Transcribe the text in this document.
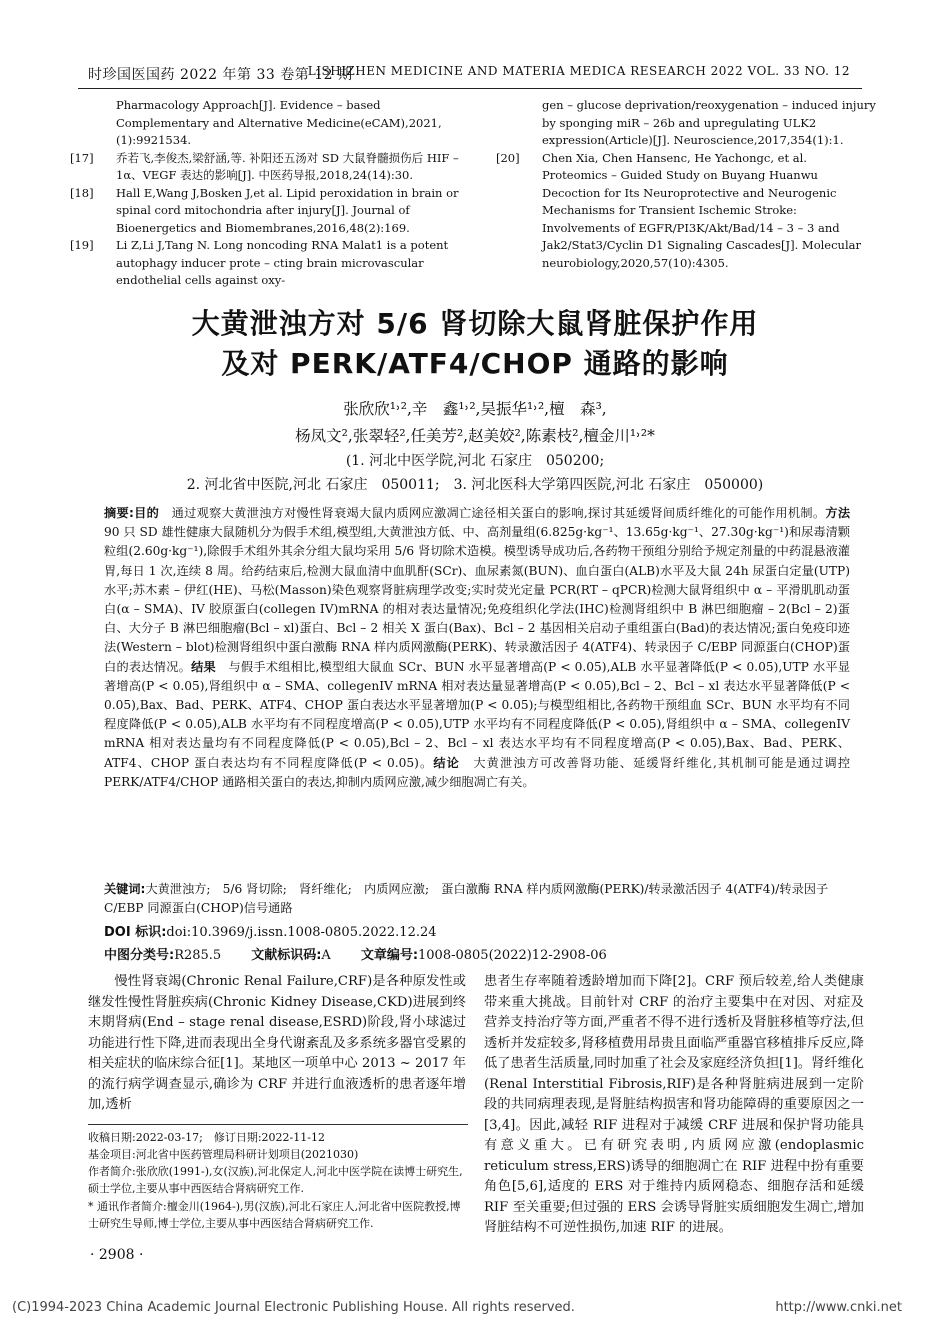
时珍国医国药 2022 年第 33 卷第 12 期
LISHIZHEN MEDICINE AND MATERIA MEDICA RESEARCH 2022 VOL. 33 NO. 12
Pharmacology Approach[J]. Evidence – based Complementary and Alternative Medicine(eCAM),2021,(1):9921534.
[17]	乔若飞,李俊杰,梁舒涵,等. 补阳还五汤对 SD 大鼠脊髓损伤后 HIF – 1α、VEGF 表达的影响[J]. 中医药导报,2018,24(14):30.
[18]	Hall E,Wang J,Bosken J,et al. Lipid peroxidation in brain or spinal cord mitochondria after injury[J]. Journal of Bioenergetics and Biomembranes,2016,48(2):169.
[19]	Li Z,Li J,Tang N. Long noncoding RNA Malat1 is a potent autophagy inducer prote – cting brain microvascular endothelial cells against oxy-
gen – glucose deprivation/reoxygenation – induced injury by sponging miR – 26b and upregulating ULK2 expression(Article)[J]. Neuroscience,2017,354(1):1.
[20]	Chen Xia, Chen Hansenc, He Yachongc, et al. Proteomics – Guided Study on Buyang Huanwu Decoction for Its Neuroprotective and Neurogenic Mechanisms for Transient Ischemic Stroke: Involvements of EGFR/PI3K/Akt/Bad/14 – 3 – 3 and Jak2/Stat3/Cyclin D1 Signaling Cascades[J]. Molecular neurobiology,2020,57(10):4305.
大黄泄浊方对 5/6 肾切除大鼠肾脏保护作用
及对 PERK/ATF4/CHOP 通路的影响
张欣欣¹˒²,辛　鑫¹˒²,吴振华¹˒²,檀　森³,
杨凤文²,张翠轻²,任美芳²,赵美姣²,陈素枝²,檀金川¹˒²*
(1. 河北中医学院,河北 石家庄　050200;
2. 河北省中医院,河北 石家庄　050011;　3. 河北医科大学第四医院,河北 石家庄　050000)
摘要:目的　 通过观察大黄泄浊方对慢性肾衰竭大鼠内质网应激凋亡途径相关蛋白的影响,探讨其延缓肾间质纤维化的可能作用机制。方法　90 只 SD 雄性健康大鼠随机分为假手术组,模型组,大黄泄浊方低、中、高剂量组(6.825g·kg⁻¹、13.65g·kg⁻¹、27.30g·kg⁻¹)和尿毒清颗粒组(2.60g·kg⁻¹),除假手术组外其余分组大鼠均采用 5/6 肾切除术造模。模型诱导成功后,各药物干预组分别给予规定剂量的中药混悬液灌胃,每日 1 次,连续 8 周。给药结束后,检测大鼠血清中血肌酐(SCr)、血尿素氮(BUN)、血白蛋白(ALB)水平及大鼠 24h 尿蛋白定量(UTP)水平;苏木素 – 伊红(HE)、马松(Masson)染色观察肾脏病理学改变;实时荧光定量 PCR(RT – qPCR)检测大鼠肾组织中 α – 平滑肌肌动蛋白(α – SMA)、IV 胶原蛋白(collegen IV)mRNA 的相对表达量情况;免疫组织化学法(IHC)检测肾组织中 B 淋巴细胞瘤 – 2(Bcl – 2)蛋白、大分子 B 淋巴细胞瘤(Bcl – xl)蛋白、Bcl – 2 相关 X 蛋白(Bax)、Bcl – 2 基因相关启动子重组蛋白(Bad)的表达情况;蛋白免疫印迹法(Western – blot)检测肾组织中蛋白激酶 RNA 样内质网激酶(PERK)、转录激活因子 4(ATF4)、转录因子 C/EBP 同源蛋白(CHOP)蛋白的表达情况。结果　 与假手术组相比,模型组大鼠血 SCr、BUN 水平显著增高(P < 0.05),ALB 水平显著降低(P < 0.05),UTP 水平显著增高(P < 0.05),肾组织中 α – SMA、collegenIV mRNA 相对表达量显著增高(P < 0.05),Bcl – 2、Bcl – xl 表达水平显著降低(P < 0.05),Bax、Bad、PERK、ATF4、CHOP 蛋白表达水平显著增加(P < 0.05);与模型组相比,各药物干预组血 SCr、BUN 水平均有不同程度降低(P < 0.05),ALB 水平均有不同程度增高(P < 0.05),UTP 水平均有不同程度降低(P < 0.05),肾组织中 α – SMA、collegenIV mRNA 相对表达量均有不同程度降低(P < 0.05),Bcl – 2、Bcl – xl 表达水平均有不同程度增高(P < 0.05),Bax、Bad、PERK、ATF4、CHOP 蛋白表达均有不同程度降低(P < 0.05)。结论　 大黄泄浊方可改善肾功能、延缓肾纤维化,其机制可能是通过调控 PERK/ATF4/CHOP 通路相关蛋白的表达,抑制内质网应激,减少细胞凋亡有关。
关键词:大黄泄浊方;　5/6 肾切除;　肾纤维化;　内质网应激;　蛋白激酶 RNA 样内质网激酶(PERK)/转录激活因子 4(ATF4)/转录因子 C/EBP 同源蛋白(CHOP)信号通路
DOI 标识:doi:10.3969/j.issn.1008-0805.2022.12.24
中图分类号:R285.5 文献标识码:A 文章编号:1008-0805(2022)12-2908-06
慢性肾衰竭(Chronic Renal Failure,CRF)是各种原发性或继发性慢性肾脏疾病(Chronic Kidney Disease,CKD)进展到终末期肾病(End – stage renal disease,ESRD)阶段,肾小球滤过功能进行性下降,进而表现出全身代谢紊乱及多系统多器官受累的相关症状的临床综合征[1]。某地区一项单中心 2013 ~ 2017 年的流行病学调查显示,确诊为 CRF 并进行血液透析的患者逐年增加,透析
患者生存率随着透龄增加而下降[2]。CRF 预后较差,给人类健康带来重大挑战。目前针对 CRF 的治疗主要集中在对因、对症及营养支持治疗等方面,严重者不得不进行透析及肾脏移植等疗法,但透析并发症较多,肾移植费用昂贵且面临严重器官移植排斥反应,降低了患者生活质量,同时加重了社会及家庭经济负担[1]。肾纤维化(Renal Interstitial Fibrosis,RIF)是各种肾脏病进展到一定阶段的共同病理表现,是肾脏结构损害和肾功能障碍的重要原因之一[3,4]。因此,减轻 RIF 进程对于减缓 CRF 进展和保护肾功能具有意义重大。已有研究表明,内质网应激(endoplasmic reticulum stress,ERS)诱导的细胞凋亡在 RIF 进程中扮有重要角色[5,6],适度的 ERS 对于维持内质网稳态、细胞存活和延缓 RIF 至关重要;但过强的 ERS 会诱导肾脏实质细胞发生凋亡,增加肾脏结构不可逆性损伤,加速 RIF 的进展。
收稿日期:2022-03-17;　修订日期:2022-11-12
基金项目:河北省中医药管理局科研计划项目(2021030)
作者简介:张欣欣(1991-),女(汉族),河北保定人,河北中医学院在读博士研究生,硕士学位,主要从事中西医结合肾病研究工作.
* 通讯作者简介:檀金川(1964-),男(汉族),河北石家庄人,河北省中医院教授,博士研究生导师,博士学位,主要从事中西医结合肾病研究工作.
· 2908 ·
(C)1994-2023 China Academic Journal Electronic Publishing House. All rights reserved.	http://www.cnki.net
